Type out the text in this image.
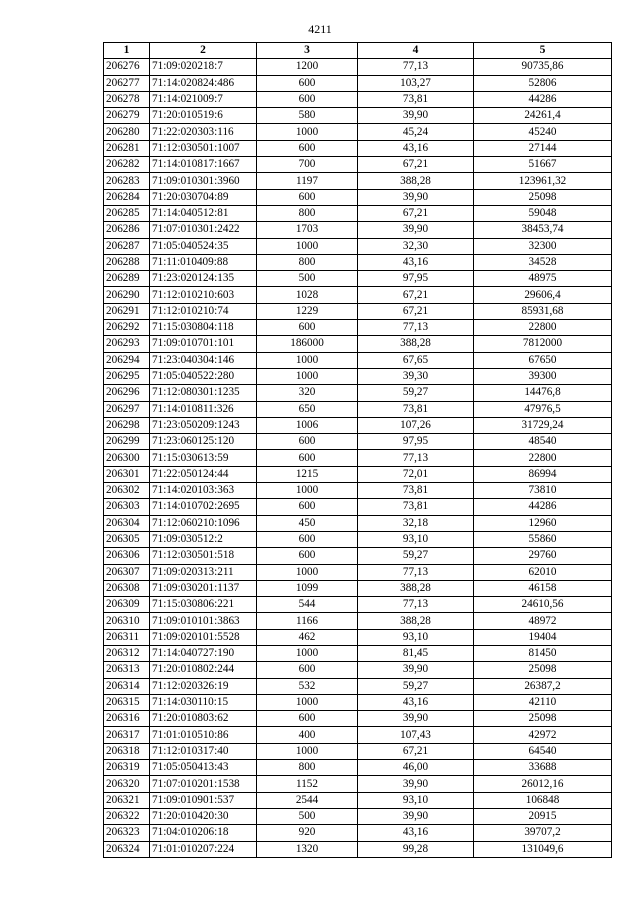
4211
1	2	3	4	5
206276	71:09:020218:7	1200	77,13	90735,86
206277	71:14:020824:486	600	103,27	52806
206278	71:14:021009:7	600	73,81	44286
206279	71:20:010519:6	580	39,90	24261,4
206280	71:22:020303:116	1000	45,24	45240
206281	71:12:030501:1007	600	43,16	27144
206282	71:14:010817:1667	700	67,21	51667
206283	71:09:010301:3960	1197	388,28	123961,32
206284	71:20:030704:89	600	39,90	25098
206285	71:14:040512:81	800	67,21	59048
206286	71:07:010301:2422	1703	39,90	38453,74
206287	71:05:040524:35	1000	32,30	32300
206288	71:11:010409:88	800	43,16	34528
206289	71:23:020124:135	500	97,95	48975
206290	71:12:010210:603	1028	67,21	29606,4
206291	71:12:010210:74	1229	67,21	85931,68
206292	71:15:030804:118	600	77,13	22800
206293	71:09:010701:101	186000	388,28	7812000
206294	71:23:040304:146	1000	67,65	67650
206295	71:05:040522:280	1000	39,30	39300
206296	71:12:080301:1235	320	59,27	14476,8
206297	71:14:010811:326	650	73,81	47976,5
206298	71:23:050209:1243	1006	107,26	31729,24
206299	71:23:060125:120	600	97,95	48540
206300	71:15:030613:59	600	77,13	22800
206301	71:22:050124:44	1215	72,01	86994
206302	71:14:020103:363	1000	73,81	73810
206303	71:14:010702:2695	600	73,81	44286
206304	71:12:060210:1096	450	32,18	12960
206305	71:09:030512:2	600	93,10	55860
206306	71:12:030501:518	600	59,27	29760
206307	71:09:020313:211	1000	77,13	62010
206308	71:09:030201:1137	1099	388,28	46158
206309	71:15:030806:221	544	77,13	24610,56
206310	71:09:010101:3863	1166	388,28	48972
206311	71:09:020101:5528	462	93,10	19404
206312	71:14:040727:190	1000	81,45	81450
206313	71:20:010802:244	600	39,90	25098
206314	71:12:020326:19	532	59,27	26387,2
206315	71:14:030110:15	1000	43,16	42110
206316	71:20:010803:62	600	39,90	25098
206317	71:01:010510:86	400	107,43	42972
206318	71:12:010317:40	1000	67,21	64540
206319	71:05:050413:43	800	46,00	33688
206320	71:07:010201:1538	1152	39,90	26012,16
206321	71:09:010901:537	2544	93,10	106848
206322	71:20:010420:30	500	39,90	20915
206323	71:04:010206:18	920	43,16	39707,2
206324	71:01:010207:224	1320	99,28	131049,6
